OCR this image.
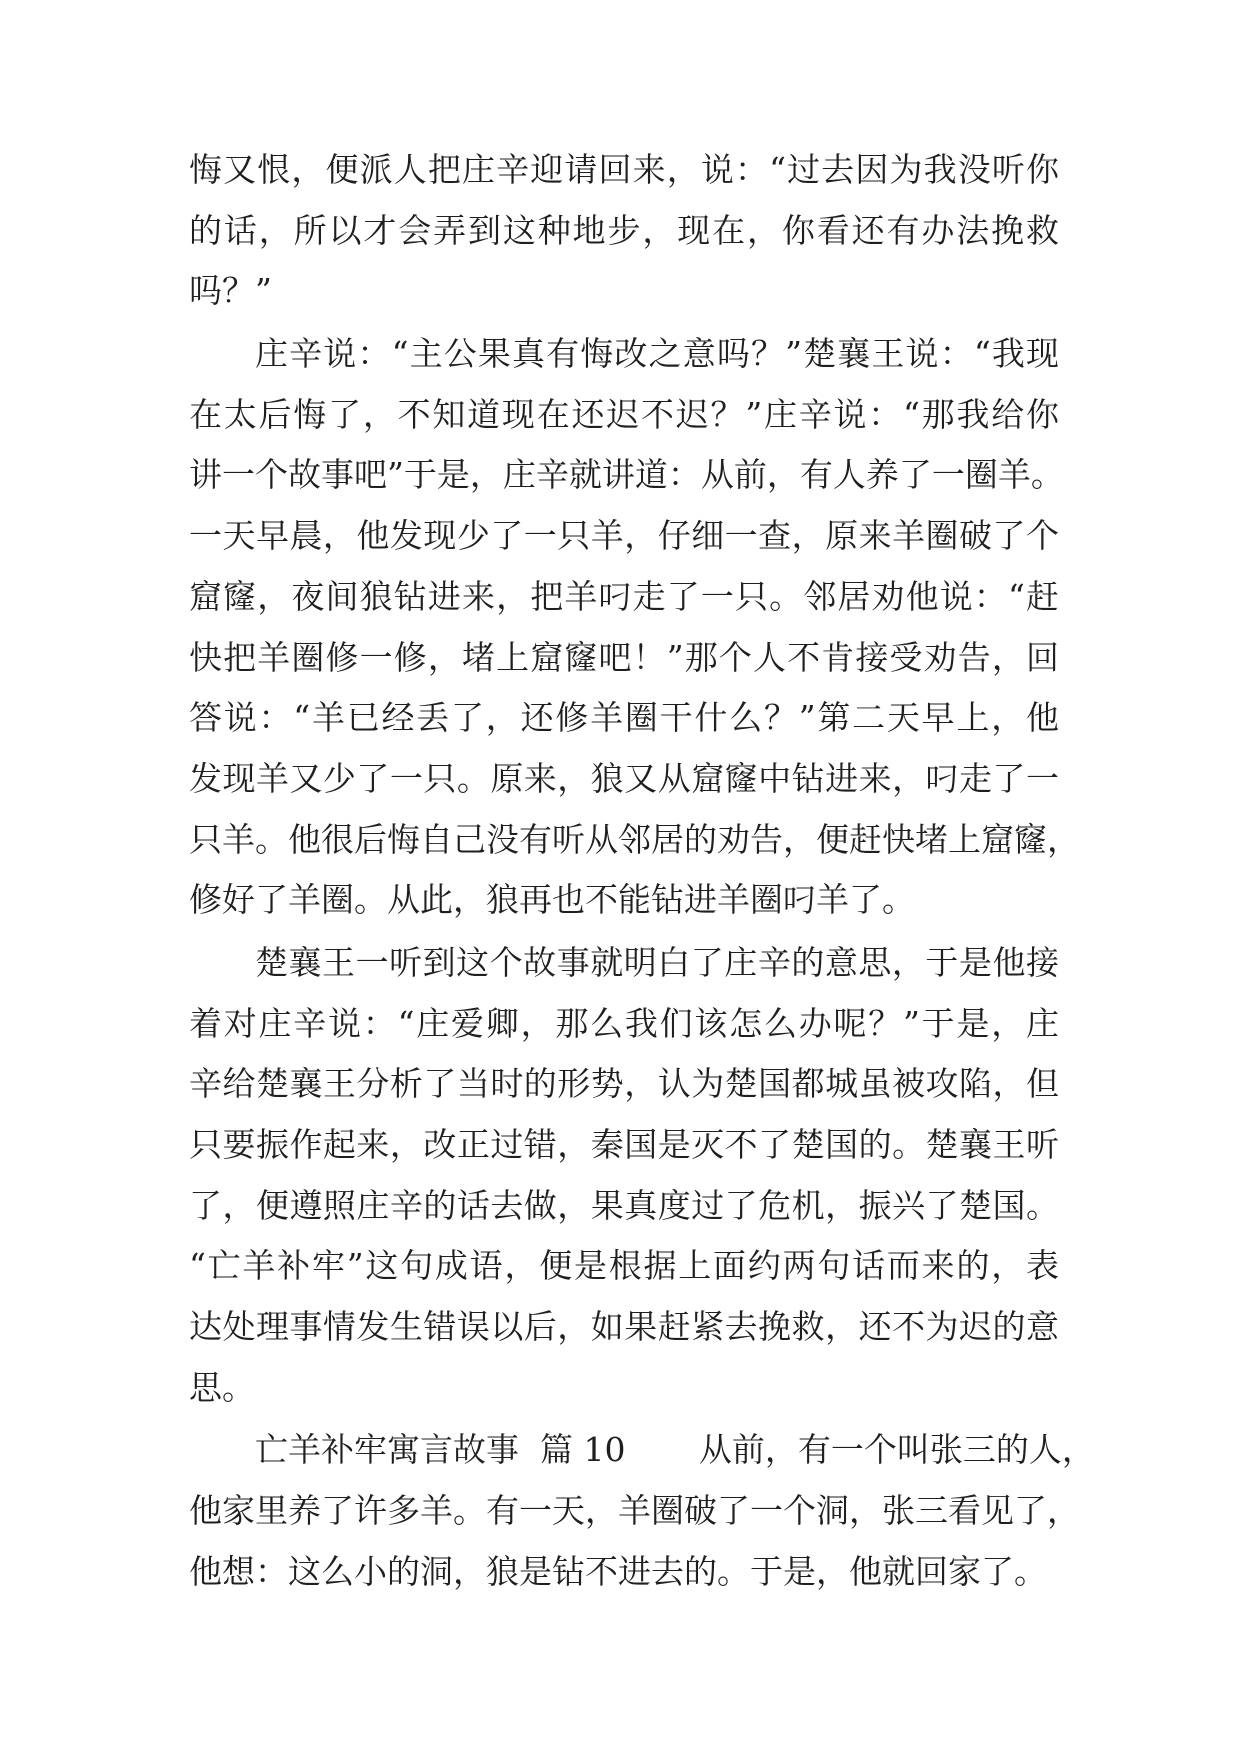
悔又恨，便派人把庄辛迎请回来，说：“过去因为我没听你

的话，所以才会弄到这种地步，现在，你看还有办法挽救

吗？”

庄辛说：“主公果真有悔改之意吗？”楚襄王说：“我现

在太后悔了，不知道现在还迟不迟？”庄辛说：“那我给你

讲一个故事吧”于是，庄辛就讲道：从前，有人养了一圈羊。

一天早晨，他发现少了一只羊，仔细一查，原来羊圈破了个

窟窿，夜间狼钻进来，把羊叼走了一只。邻居劝他说：“赶

快把羊圈修一修，堵上窟窿吧！”那个人不肯接受劝告，回

答说：“羊已经丢了，还修羊圈干什么？”第二天早上，他

发现羊又少了一只。原来，狼又从窟窿中钻进来，叼走了一

只羊。他很后悔自己没有听从邻居的劝告，便赶快堵上窟窿，

修好了羊圈。从此，狼再也不能钻进羊圈叼羊了。

楚襄王一听到这个故事就明白了庄辛的意思，于是他接

着对庄辛说：“庄爱卿，那么我们该怎么办呢？”于是，庄

辛给楚襄王分析了当时的形势，认为楚国都城虽被攻陷，但

只要振作起来，改正过错，秦国是灭不了楚国的。楚襄王听

了，便遵照庄辛的话去做，果真度过了危机，振兴了楚国。

“亡羊补牢”这句成语，便是根据上面约两句话而来的，表

达处理事情发生错误以后，如果赶紧去挽救，还不为迟的意

思。

亡羊补牢寓言故事  篇 10       从前，有一个叫张三的人，

他家里养了许多羊。有一天，羊圈破了一个洞，张三看见了，

他想：这么小的洞，狼是钻不进去的。于是，他就回家了。
